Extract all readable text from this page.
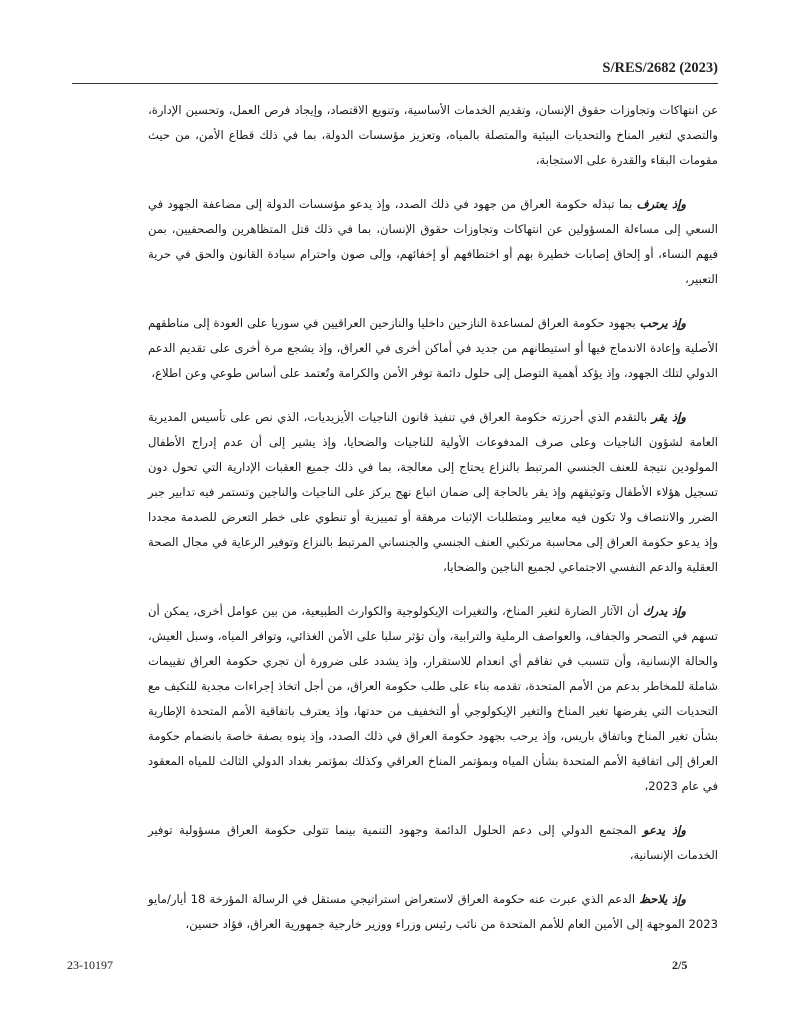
S/RES/2682 (2023)

عن انتهاكات وتجاوزات حقوق الإنسان، وتقديم الخدمات الأساسية، وتنويع الاقتصاد، وإيجاد فرص العمل، وتحسين الإدارة، والتصدي لتغير المناخ والتحديات البيئية والمتصلة بالمياه، وتعزيز مؤسسات الدولة، بما في ذلك قطاع الأمن، من حيث مقومات البقاء والقدرة على الاستجابة،

وإذ يعترف بما تبذله حكومة العراق من جهود في ذلك الصدد، وإذ يدعو مؤسسات الدولة إلى مضاعفة الجهود في السعي إلى مساءلة المسؤولين عن انتهاكات وتجاوزات حقوق الإنسان، بما في ذلك قتل المتظاهرين والصحفيين، بمن فيهم النساء، أو إلحاق إصابات خطيرة بهم أو اختطافهم أو إخفائهم، وإلى صون واحترام سيادة القانون والحق في حرية التعبير،

وإذ يرحب بجهود حكومة العراق لمساعدة النازحين داخليا والنازحين العراقيين في سوريا على العودة إلى مناطقهم الأصلية وإعادة الاندماج فيها أو استيطانهم من جديد في أماكن أخرى في العراق، وإذ يشجع مرة أخرى على تقديم الدعم الدولي لتلك الجهود، وإذ يؤكد أهمية التوصل إلى حلول دائمة توفر الأمن والكرامة وتُعتمد على أساس طوعي وعن اطلاع،

وإذ يقر بالتقدم الذي أحرزته حكومة العراق في تنفيذ قانون الناجيات الأيزيديات، الذي نص على تأسيس المديرية العامة لشؤون الناجيات وعلى صرف المدفوعات الأولية للناجيات والضحايا، وإذ يشير إلى أن عدم إدراج الأطفال المولودين نتيجة للعنف الجنسي المرتبط بالنزاع يحتاج إلى معالجة، بما في ذلك جميع العقبات الإدارية التي تحول دون تسجيل هؤلاء الأطفال وتوثيقهم وإذ يقر بالحاجة إلى ضمان اتباع نهج يركز على الناجيات والناجين وتستمر فيه تدابير جبر الضرر والانتصاف ولا تكون فيه معايير ومتطلبات الإثبات مرهقة أو تمييزية أو تنطوي على خطر التعرض للصدمة مجددا وإذ يدعو حكومة العراق إلى محاسبة مرتكبي العنف الجنسي والجنساني المرتبط بالنزاع وتوفير الرعاية في مجال الصحة العقلية والدعم النفسي الاجتماعي لجميع الناجين والضحايا،

وإذ يدرك أن الآثار الضارة لتغير المناخ، والتغيرات الإيكولوجية والكوارث الطبيعية، من بين عوامل أخرى، يمكن أن تسهم في التصحر والجفاف، والعواصف الرملية والترابية، وأن تؤثر سلبا على الأمن الغذائي، وتوافر المياه، وسبل العيش، والحالة الإنسانية، وأن تتسبب في تفاقم أي انعدام للاستقرار، وإذ يشدد على ضرورة أن تجري حكومة العراق تقييمات شاملة للمخاطر بدعم من الأمم المتحدة، تقدمه بناء على طلب حكومة العراق، من أجل اتخاذ إجراءات مجدية للتكيف مع التحديات التي يفرضها تغير المناخ والتغير الإيكولوجي أو التخفيف من حدتها، وإذ يعترف باتفاقية الأمم المتحدة الإطارية بشأن تغير المناخ وباتفاق باريس، وإذ يرحب بجهود حكومة العراق في ذلك الصدد، وإذ ينوه بصفة خاصة بانضمام حكومة العراق إلى اتفاقية الأمم المتحدة بشأن المياه وبمؤتمر المناخ العراقي وكذلك بمؤتمر بغداد الدولي الثالث للمياه المعقود في عام 2023،

وإذ يدعو المجتمع الدولي إلى دعم الحلول الدائمة وجهود التنمية بينما تتولى حكومة العراق مسؤولية توفير الخدمات الإنسانية،

وإذ يلاحظ الدعم الذي عبرت عنه حكومة العراق لاستعراض استراتيجي مستقل في الرسالة المؤرخة 18 أيار/مايو 2023 الموجهة إلى الأمين العام للأمم المتحدة من نائب رئيس وزراء ووزير خارجية جمهورية العراق، فؤاد حسين،

23-10197	2/5
